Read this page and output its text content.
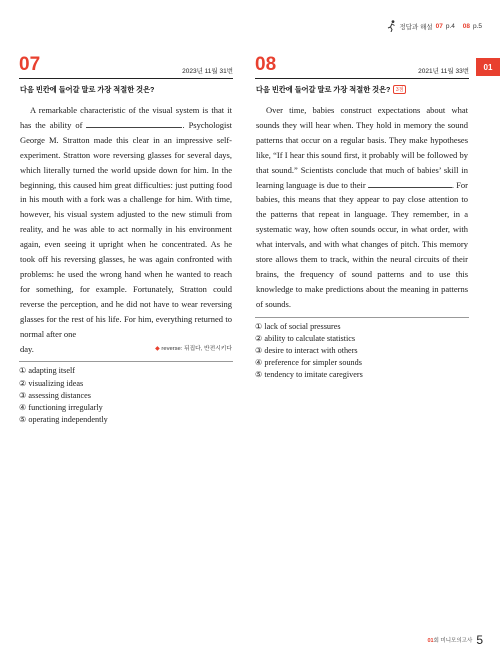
정답과 해설 07 p.4
08 p.5
01
07	2023년 11월 31번
다음 빈칸에 들어갈 말로 가장 적절한 것은?

A remarkable characteristic of the visual system is that it has the ability of	. Psychologist George M. Stratton made this clear in an impressive self-experiment. Stratton wore reversing glasses for several days, which literally turned the world upside down for him. In the beginning, this caused him great difficulties: just putting food in his mouth with a fork was a challenge for him. With time, however, his visual system adjusted to the new stimuli from reality, and he was able to act normally in his environment again, even seeing it upright when he concentrated. As he took off his reversing glasses, he was again confronted with problems: he used the wrong hand when he wanted to reach for something, for example. Fortunately, Stratton could reverse the perception, and he did not have to wear reversing glasses for the rest of his life. For him, everything returned to normal after one

day.	◆ reverse: 뒤집다, 반전시키다
① adapting itself
② visualizing ideas
③ assessing distances
④ functioning irregularly
⑤ operating independently
08	2021년 11월 33번
다음 빈칸에 들어갈 말로 가장 적절한 것은? 3점

Over time, babies construct expectations about what sounds they will hear when. They hold in memory the sound patterns that occur on a regular basis. They make hypotheses like, “If I hear this sound first, it probably will be followed by that sound.” Scientists conclude that much of babies’ skill in learning language is due to their	. For babies, this means that they appear to pay close attention to the patterns that repeat in language. They remember, in a systematic way, how often sounds occur, in what order, with what intervals, and with what changes of pitch. This memory store allows them to track, within the neural circuits of their brains, the frequency of sound patterns and to use this knowledge to make predictions about the meaning in patterns of sounds.

① lack of social pressures
② ability to calculate statistics
③ desire to interact with others
④ preference for simpler sounds
⑤ tendency to imitate caregivers
01회 미니모의고사 5
